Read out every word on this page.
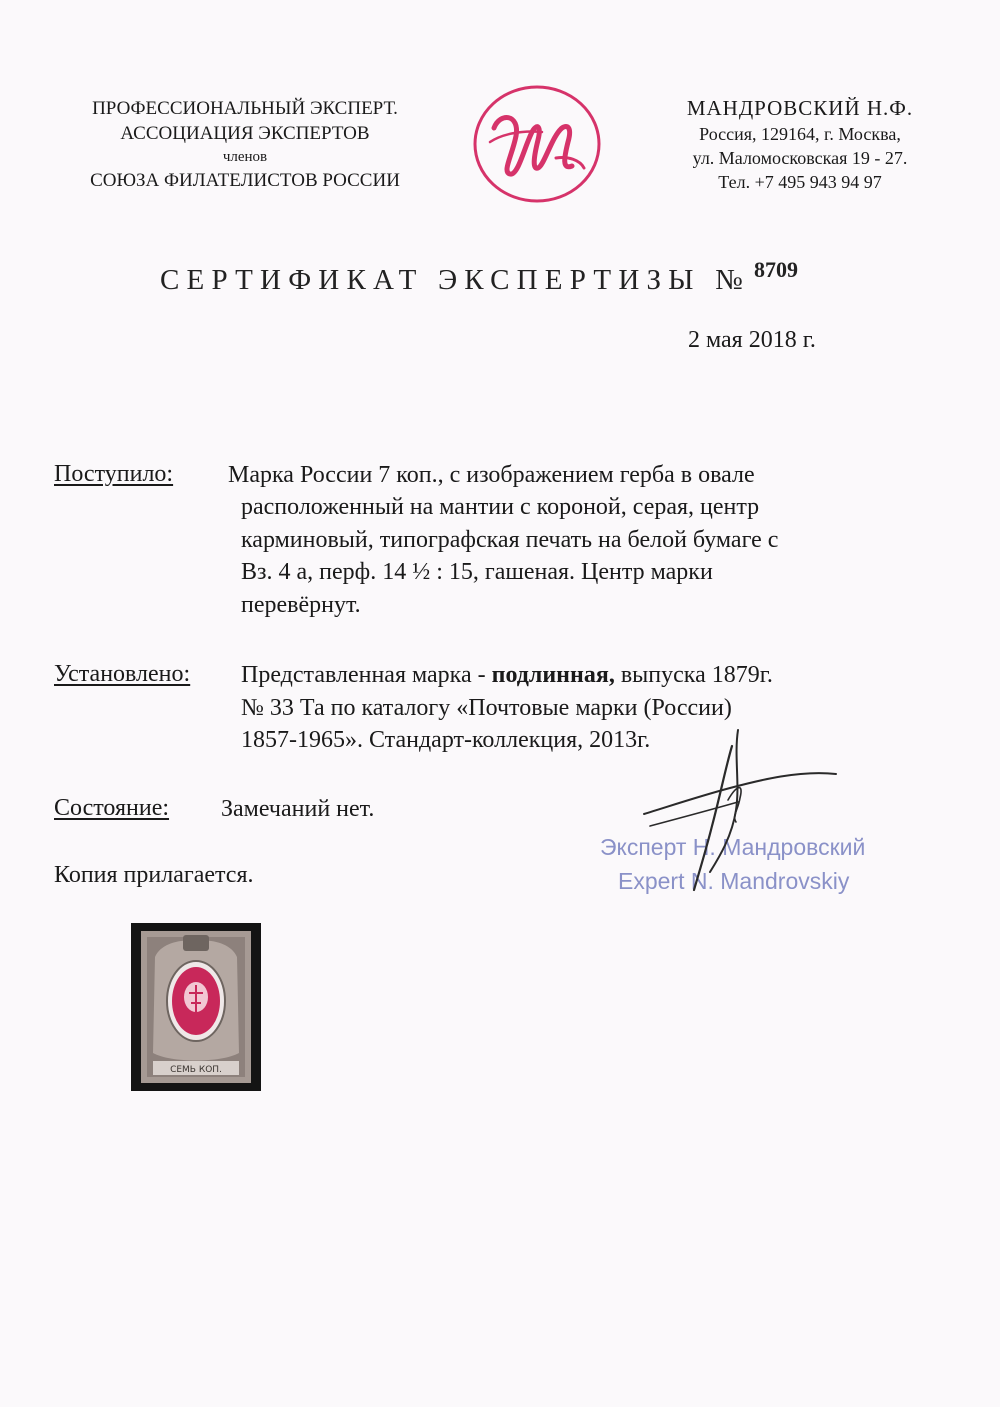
ПРОФЕССИОНАЛЬНЫЙ ЭКСПЕРТ.
АССОЦИАЦИЯ ЭКСПЕРТОВ
членов
СОЮЗА ФИЛАТЕЛИСТОВ РОССИИ
МАНДРОВСКИЙ Н.Ф.
Россия, 129164, г. Москва,
ул. Маломосковская 19 - 27.
Тел. +7 495 943 94 97
СЕРТИФИКАТ ЭКСПЕРТИЗЫ № $^{8709}$
2 мая 2018 г.
Поступило: Марка России 7 коп., с изображением герба в овале
расположенный на мантии с короной, серая, центр
карминовый, типографская печать на белой бумаге с
Вз. 4 а, перф. 14 ½ : 15, гашеная. Центр марки
перевёрнут.
Установлено: Представленная марка - подлинная, выпуска 1879г.
№ 33 Та по каталогу «Почтовые марки (России)
1857-1965». Стандарт-коллекция, 2013г.
Состояние: Замечаний нет.
Копия прилагается.
Эксперт Н. Мандровский
Expert N. Mandrovskiy
СЕМЬ КОП.
